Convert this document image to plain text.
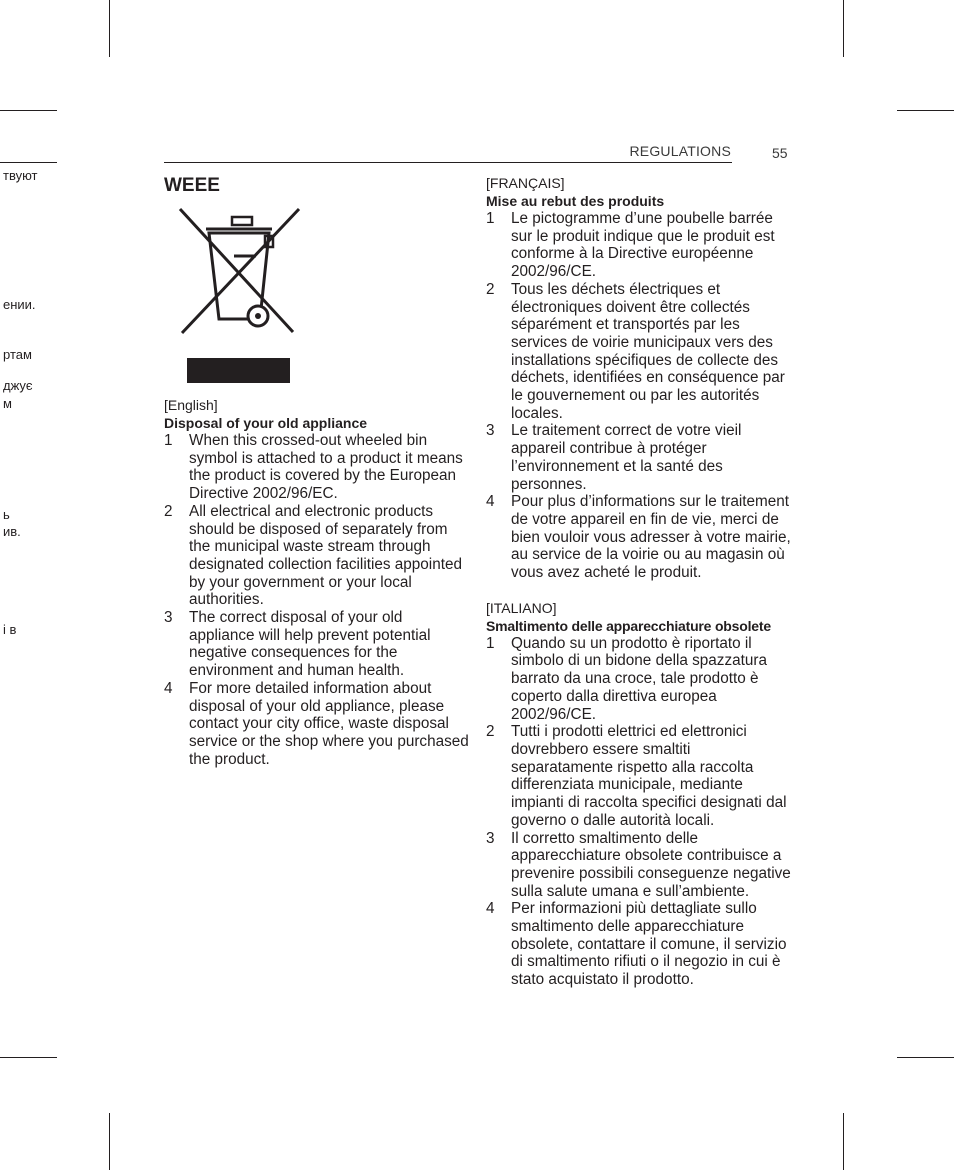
REGULATIONS	55
твуют
ении.
ртам
джує
м
ь
ив.
і в
WEEE
[English]
Disposal of your old appliance
1 When this crossed-out wheeled bin symbol is attached to a product it means the product is covered by the European Directive 2002/96/EC.
2 All electrical and electronic products should be disposed of separately from the municipal waste stream through designated collection facilities appointed by your government or your local authorities.
3 The correct disposal of your old appliance will help prevent potential negative consequences for the environment and human health.
4 For more detailed information about disposal of your old appliance, please contact your city office, waste disposal service or the shop where you purchased the product.
[FRANÇAIS]
Mise au rebut des produits
1 Le pictogramme d’une poubelle barrée sur le produit indique que le produit est conforme à la Directive européenne 2002/96/CE.
2 Tous les déchets électriques et électroniques doivent être collectés séparément et transportés par les services de voirie municipaux vers des installations spécifiques de collecte des déchets, identifiées en conséquence par le gouvernement ou par les autorités locales.
3 Le traitement correct de votre vieil appareil contribue à protéger l’environnement et la santé des personnes.
4 Pour plus d’informations sur le traitement de votre appareil en fin de vie, merci de bien vouloir vous adresser à votre mairie, au service de la voirie ou au magasin où vous avez acheté le produit.
[ITALIANO]
Smaltimento delle apparecchiature obsolete
1 Quando su un prodotto è riportato il simbolo di un bidone della spazzatura barrato da una croce, tale prodotto è coperto dalla direttiva europea 2002/96/CE.
2 Tutti i prodotti elettrici ed elettronici dovrebbero essere smaltiti separatamente rispetto alla raccolta differenziata municipale, mediante impianti di raccolta specifici designati dal governo o dalle autorità locali.
3 Il corretto smaltimento delle apparecchiature obsolete contribuisce a prevenire possibili conseguenze negative sulla salute umana e sull’ambiente.
4 Per informazioni più dettagliate sullo smaltimento delle apparecchiature obsolete, contattare il comune, il servizio di smaltimento rifiuti o il negozio in cui è stato acquistato il prodotto.
